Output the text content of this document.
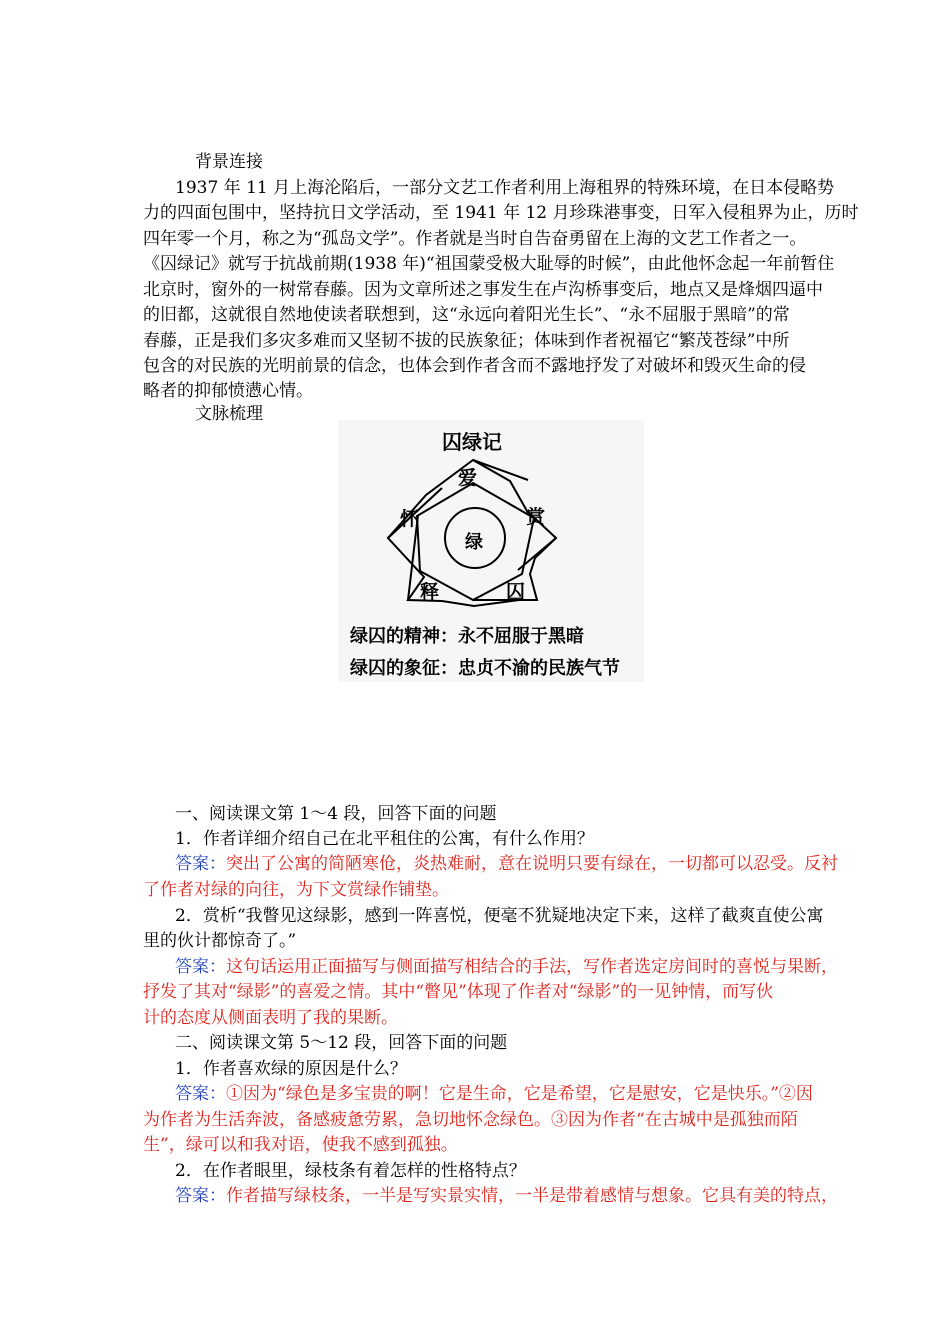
背景连接
1937 年 11 月上海沦陷后，一部分文艺工作者利用上海租界的特殊环境，在日本侵略势
力的四面包围中，坚持抗日文学活动，至 1941 年 12 月珍珠港事变，日军入侵租界为止，历时
四年零一个月，称之为“孤岛文学”。作者就是当时自告奋勇留在上海的文艺工作者之一。
《囚绿记》就写于抗战前期(1938 年)“祖国蒙受极大耻辱的时候”，由此他怀念起一年前暂住
北京时，窗外的一树常春藤。因为文章所述之事发生在卢沟桥事变后，地点又是烽烟四逼中
的旧都，这就很自然地使读者联想到，这“永远向着阳光生长”、“永不屈服于黑暗”的常
春藤，正是我们多灾多难而又坚韧不拔的民族象征；体味到作者祝福它“繁茂苍绿”中所
包含的对民族的光明前景的信念，也体会到作者含而不露地抒发了对破坏和毁灭生命的侵
略者的抑郁愤懑心情。
文脉梳理
囚绿记
爱
赏
囚
释
怀
绿
绿囚的精神：永不屈服于黑暗
绿囚的象征：忠贞不渝的民族气节
一、阅读课文第 1～4 段，回答下面的问题
1．作者详细介绍自己在北平租住的公寓，有什么作用？
答案：突出了公寓的简陋寒伧，炎热难耐，意在说明只要有绿在，一切都可以忍受。反衬
了作者对绿的向往，为下文赏绿作铺垫。
2．赏析“我瞥见这绿影，感到一阵喜悦，便毫不犹疑地决定下来，这样了截爽直使公寓
里的伙计都惊奇了。”
答案：这句话运用正面描写与侧面描写相结合的手法，写作者选定房间时的喜悦与果断，
抒发了其对“绿影”的喜爱之情。其中“瞥见”体现了作者对“绿影”的一见钟情，而写伙
计的态度从侧面表明了我的果断。
二、阅读课文第 5～12 段，回答下面的问题
1．作者喜欢绿的原因是什么？
答案：①因为“绿色是多宝贵的啊！它是生命，它是希望，它是慰安，它是快乐。”②因
为作者为生活奔波，备感疲惫劳累，急切地怀念绿色。③因为作者“在古城中是孤独而陌
生”，绿可以和我对语，使我不感到孤独。
2．在作者眼里，绿枝条有着怎样的性格特点？
答案：作者描写绿枝条，一半是写实景实情，一半是带着感情与想象。它具有美的特点，
